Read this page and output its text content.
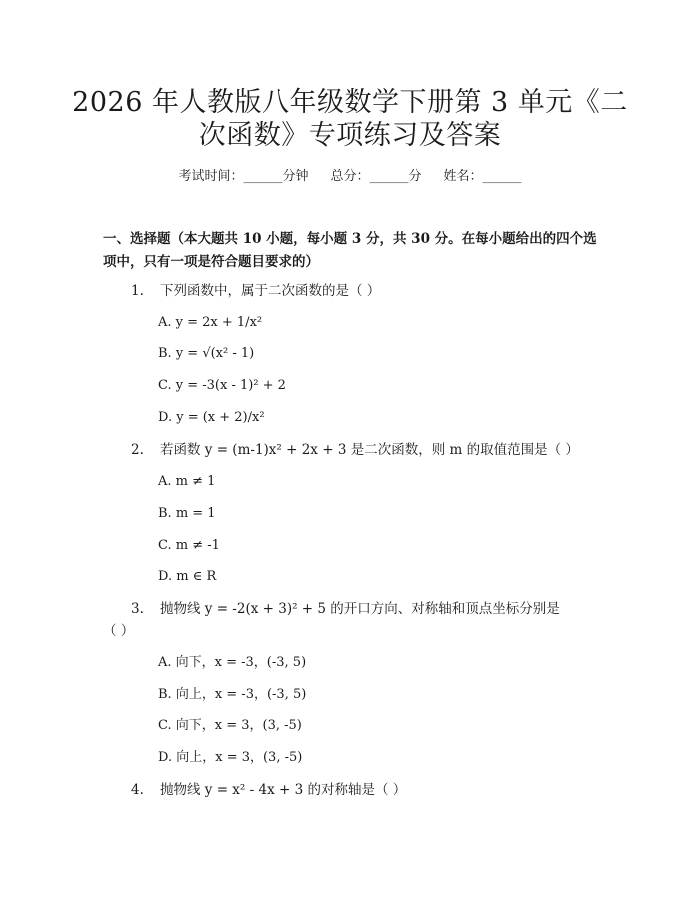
2026 年人教版八年级数学下册第 3 单元《二
次函数》专项练习及答案
考试时间：______分钟 总分：______分 姓名：______
一、选择题（本大题共 10 小题，每小题 3 分，共 30 分。在每小题给出的四个选
项中，只有一项是符合题目要求的）
1. 下列函数中，属于二次函数的是（ ）
A. y = 2x + 1/x²
B. y = √(x² - 1)
C. y = -3(x - 1)² + 2
D. y = (x + 2)/x²
2. 若函数 y = (m-1)x² + 2x + 3 是二次函数，则 m 的取值范围是（ ）
A. m ≠ 1
B. m = 1
C. m ≠ -1
D. m ∈ R
3. 抛物线 y = -2(x + 3)² + 5 的开口方向、对称轴和顶点坐标分别是
（ ）
A. 向下，x = -3，(-3, 5)
B. 向上，x = -3，(-3, 5)
C. 向下，x = 3，(3, -5)
D. 向上，x = 3，(3, -5)
4. 抛物线 y = x² - 4x + 3 的对称轴是（ ）
